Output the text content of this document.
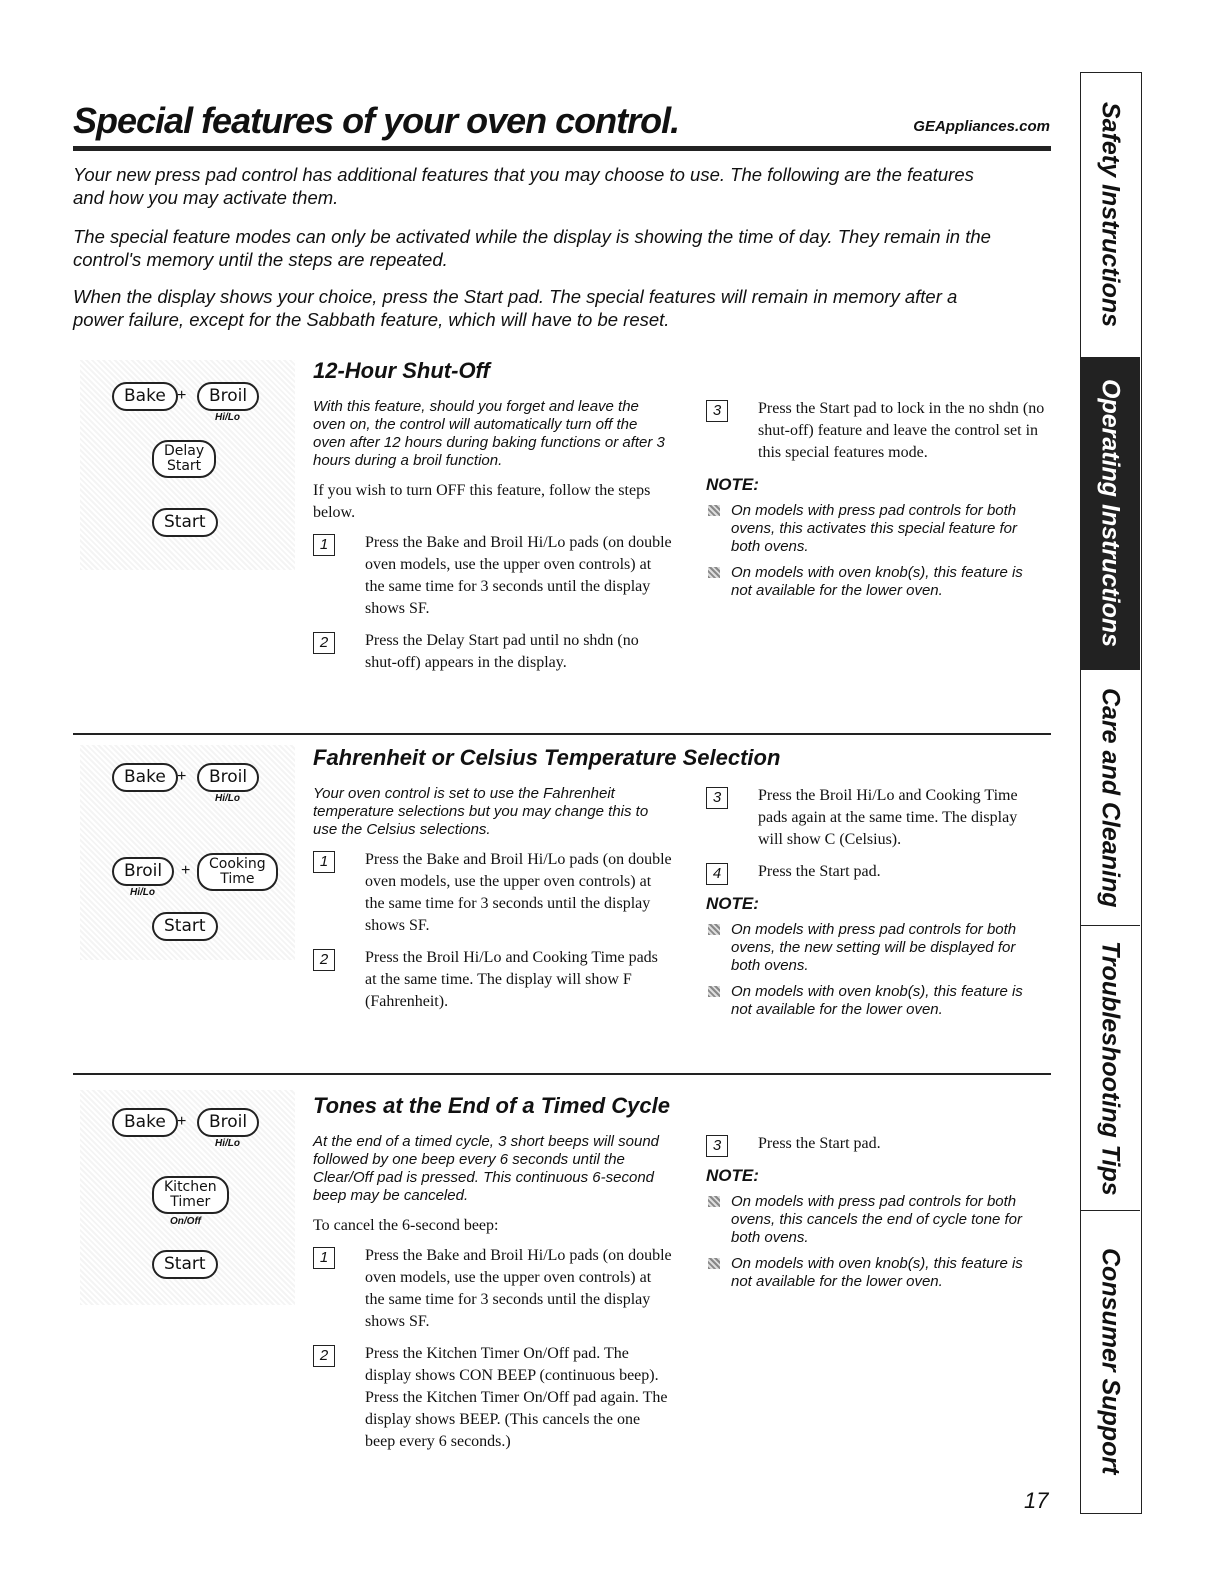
Special features of your oven control.	GEAppliances.com
Your new press pad control has additional features that you may choose to use. The following are the features and how you may activate them.
The special feature modes can only be activated while the display is showing the time of day. They remain in the control's memory until the steps are repeated.
When the display shows your choice, press the Start pad. The special features will remain in memory after a power failure, except for the Sabbath feature, which will have to be reset.	Safety Instructions
Operating Instructions
Care and Cleaning
Troubleshooting Tips
Consumer Support
Bake +	Broil
Hi/Lo
Delay
Start
Start
12-Hour Shut-Off

With this feature, should you forget and leave the oven on, the control will automatically turn off the oven after 12 hours during baking functions or after 3 hours during a broil function.

If you wish to turn OFF this feature, follow the steps below.

1	Press the Bake and Broil Hi/Lo pads (on double oven models, use the upper oven controls) at the same time for 3 seconds until the display shows SF.
2	Press the Delay Start pad until no shdn (no shut-off) appears in the display.
3	Press the Start pad to lock in the no shdn (no shut-off) feature and leave the control set in this special features mode.
NOTE:
On models with press pad controls for both ovens, this activates this special feature for both ovens.
On models with oven knob(s), this feature is not available for the lower oven.
Bake +	Broil
Hi/Lo
Broil
Hi/Lo
+	Cooking
Time
Start
Fahrenheit or Celsius Temperature Selection

Your oven control is set to use the Fahrenheit temperature selections but you may change this to use the Celsius selections.

1	Press the Bake and Broil Hi/Lo pads (on double oven models, use the upper oven controls) at the same time for 3 seconds until the display shows SF.
2	Press the Broil Hi/Lo and Cooking Time pads at the same time. The display will show F (Fahrenheit).
3	Press the Broil Hi/Lo and Cooking Time pads again at the same time. The display will show C (Celsius).
4	Press the Start pad.
NOTE:
On models with press pad controls for both ovens, the new setting will be displayed for both ovens.
On models with oven knob(s), this feature is not available for the lower oven.
Bake +	Broil
Hi/Lo
Kitchen
Timer
On/Off
Start
Tones at the End of a Timed Cycle

At the end of a timed cycle, 3 short beeps will sound followed by one beep every 6 seconds until the Clear/Off pad is pressed. This continuous 6-second beep may be canceled.

To cancel the 6-second beep:

1	Press the Bake and Broil Hi/Lo pads (on double oven models, use the upper oven controls) at the same time for 3 seconds until the display shows SF.
2	Press the Kitchen Timer On/Off pad. The display shows CON BEEP (continuous beep). Press the Kitchen Timer On/Off pad again. The display shows BEEP. (This cancels the one beep every 6 seconds.)
3	Press the Start pad.
NOTE:
On models with press pad controls for both ovens, this cancels the end of cycle tone for both ovens.
On models with oven knob(s), this feature is not available for the lower oven.
17
